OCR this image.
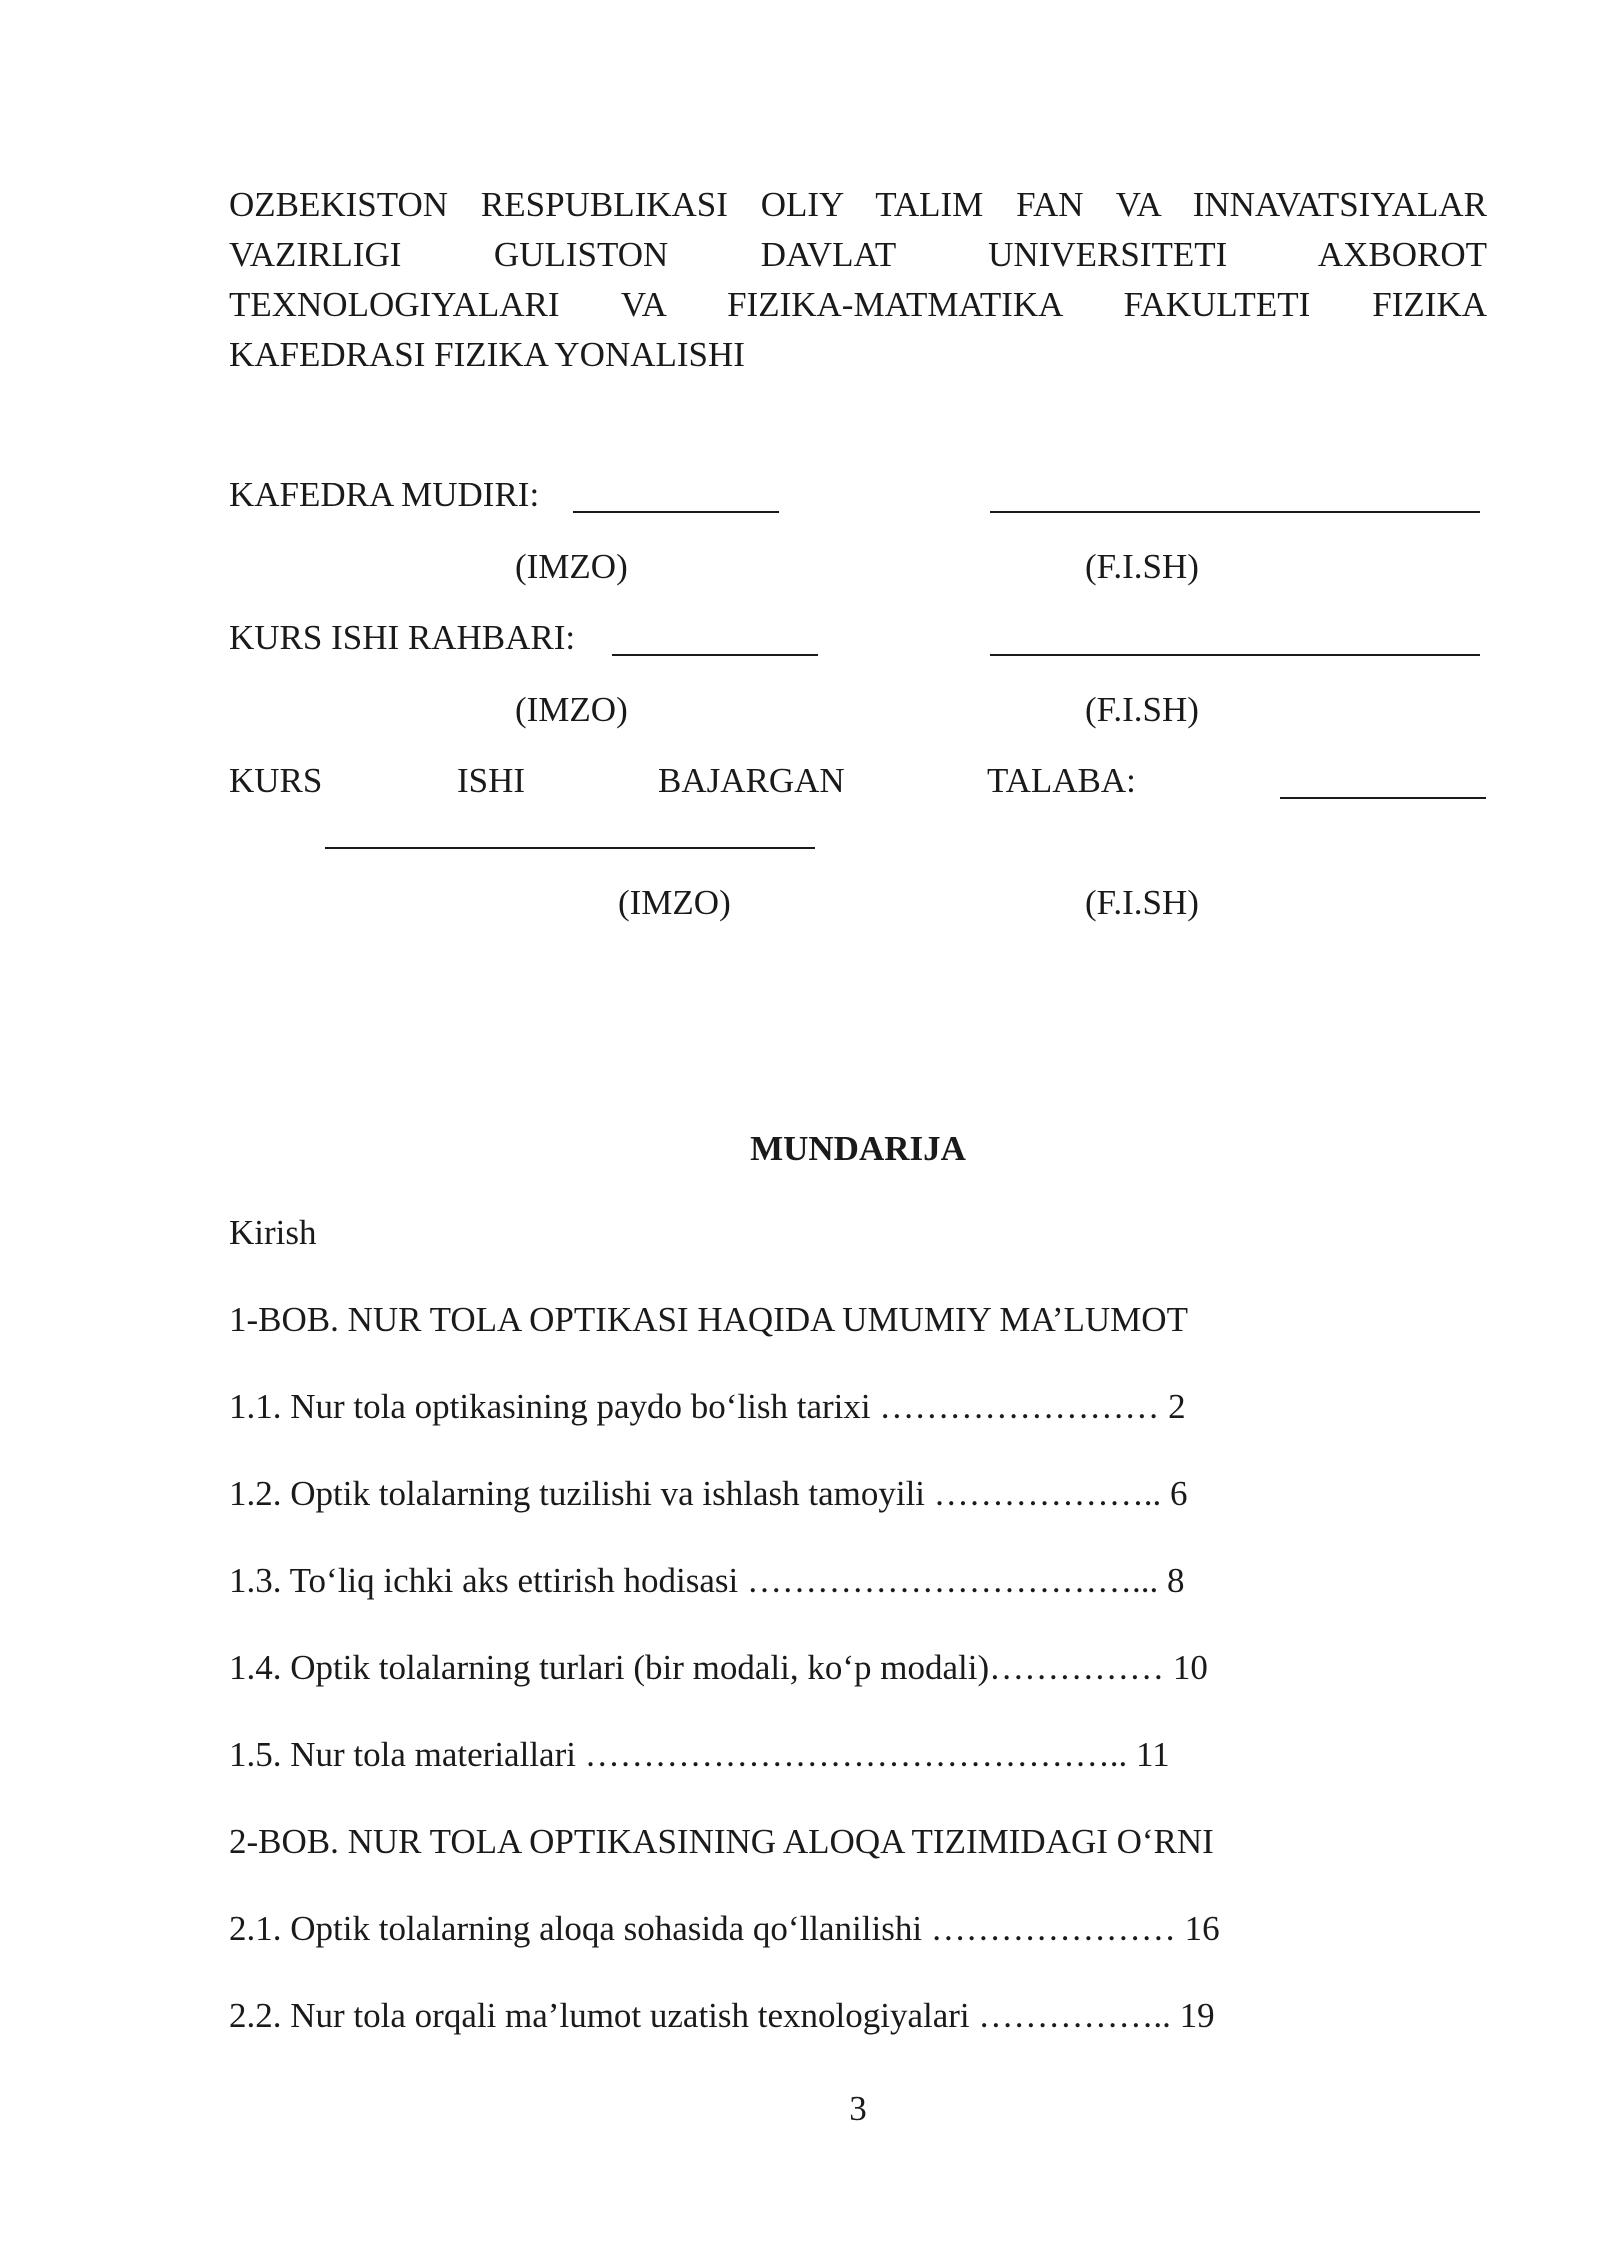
OZBEKISTON RESPUBLIKASI OLIY TALIM FAN VA INNAVATSIYALAR
VAZIRLIGI GULISTON DAVLAT UNIVERSITETI AXBOROT
TEXNOLOGIYALARI VA FIZIKA-MATMATIKA FAKULTETI FIZIKA
KAFEDRASI FIZIKA YONALISHI
KAFEDRA MUDIRI:
(IMZO)	(F.I.SH)
KURS ISHI RAHBARI:
(IMZO)	(F.I.SH)
KURS	ISHI	BAJARGAN	TALABA:
(IMZO)	(F.I.SH)
MUNDARIJA
Kirish
1-BOB. NUR TOLA OPTIKASI HAQIDA UMUMIY MA’LUMOT
1.1. Nur tola optikasining paydo bo‘lish tarixi …………………… 2
1.2. Optik tolalarning tuzilishi va ishlash tamoyili ……………….. 6
1.3. To‘liq ichki aks ettirish hodisasi ……………………………... 8
1.4. Optik tolalarning turlari (bir modali, ko‘p modali)…………… 10
1.5. Nur tola materiallari ……………………………………….. 11
2-BOB. NUR TOLA OPTIKASINING ALOQA TIZIMIDAGI O‘RNI
2.1. Optik tolalarning aloqa sohasida qo‘llanilishi ………………… 16
2.2. Nur tola orqali ma’lumot uzatish texnologiyalari …………….. 19
3
